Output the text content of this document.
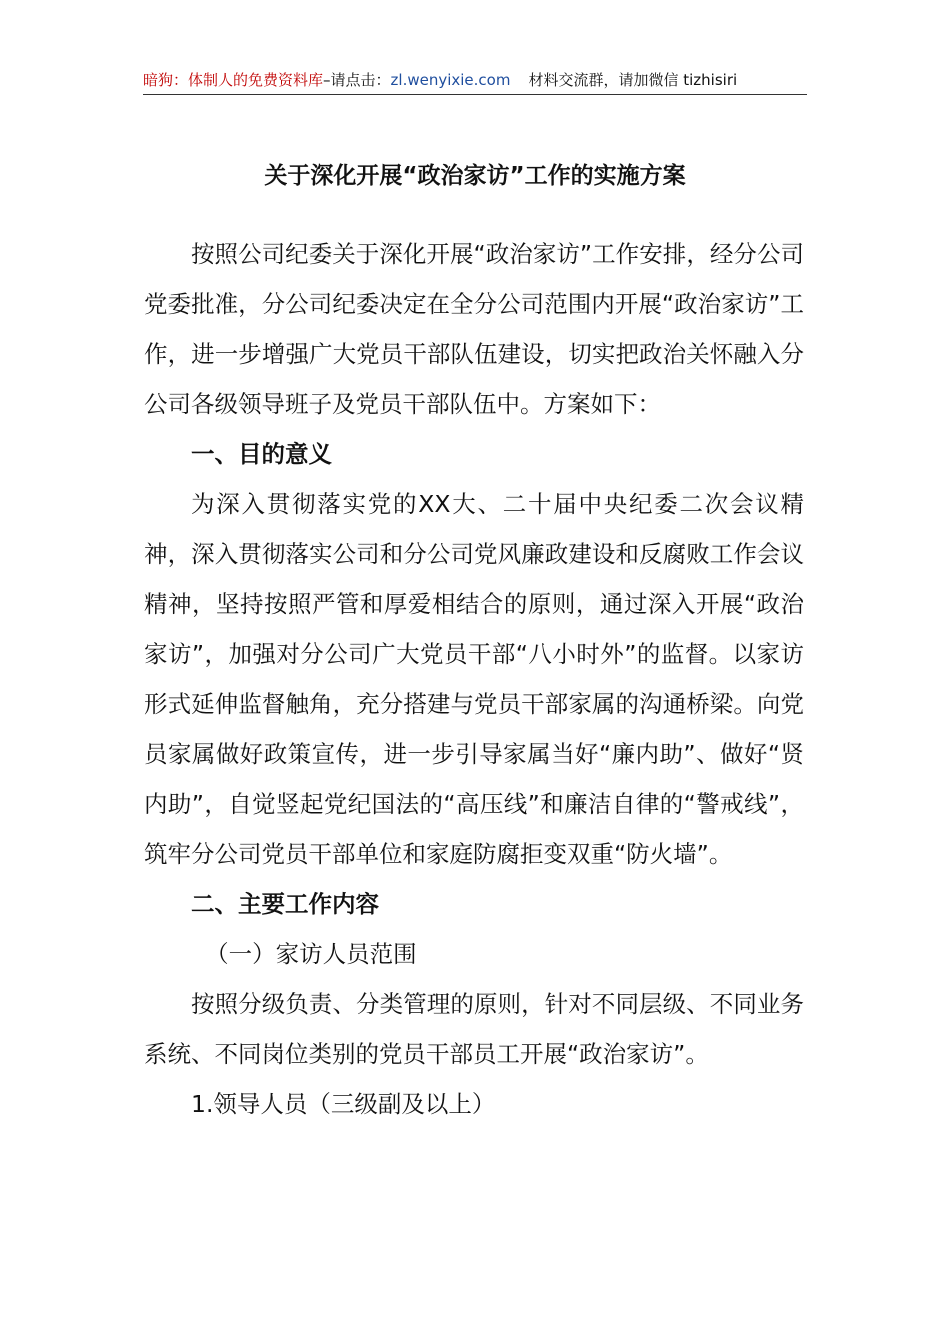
暗狗：体制人的免费资料库–请点击：zl.wenyixie.com 材料交流群，请加微信 tizhisiri
关于深化开展“政治家访”工作的实施方案

按照公司纪委关于深化开展“政治家访”工作安排，经分公司党委批准，分公司纪委决定在全分公司范围内开展“政治家访”工作，进一步增强广大党员干部队伍建设，切实把政治关怀融入分公司各级领导班子及党员干部队伍中。方案如下：

一、目的意义

为深入贯彻落实党的XX大、二十届中央纪委二次会议精神，深入贯彻落实公司和分公司党风廉政建设和反腐败工作会议精神，坚持按照严管和厚爱相结合的原则，通过深入开展“政治家访”，加强对分公司广大党员干部“八小时外”的监督。以家访形式延伸监督触角，充分搭建与党员干部家属的沟通桥梁。向党员家属做好政策宣传，进一步引导家属当好“廉内助”、做好“贤内助”，自觉竖起党纪国法的“高压线”和廉洁自律的“警戒线”，筑牢分公司党员干部单位和家庭防腐拒变双重“防火墙”。

二、主要工作内容

（一）家访人员范围

按照分级负责、分类管理的原则，针对不同层级、不同业务系统、不同岗位类别的党员干部员工开展“政治家访”。

1.领导人员（三级副及以上）
